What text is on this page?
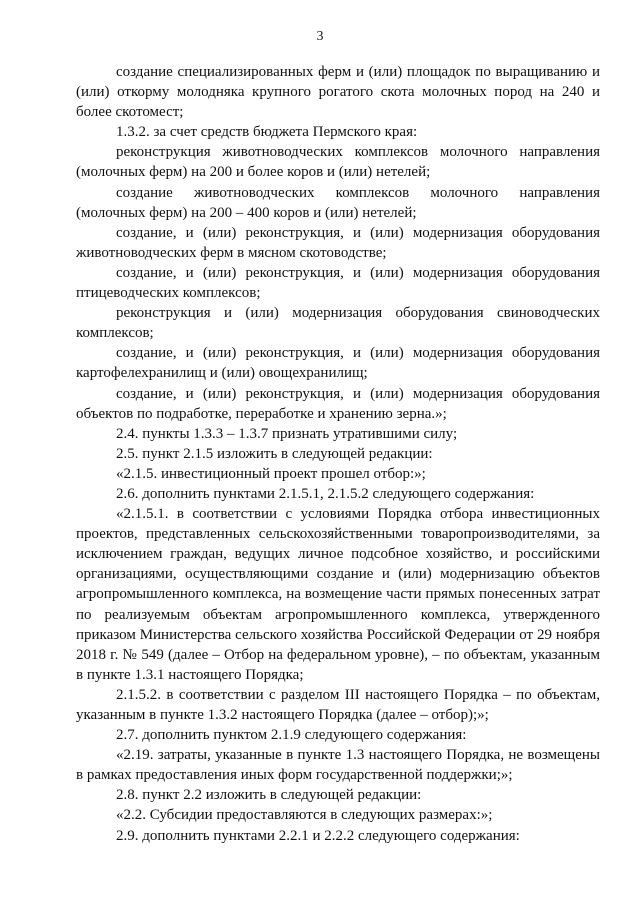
3

создание специализированных ферм и (или) площадок по выращиванию и (или) откорму молодняка крупного рогатого скота молочных пород на 240 и более скотомест;

1.3.2. за счет средств бюджета Пермского края:

реконструкция животноводческих комплексов молочного направления (молочных ферм) на 200 и более коров и (или) нетелей;

создание животноводческих комплексов молочного направления (молочных ферм) на 200 – 400 коров и (или) нетелей;

создание, и (или) реконструкция, и (или) модернизация оборудования животноводческих ферм в мясном скотоводстве;

создание, и (или) реконструкция, и (или) модернизация оборудования птицеводческих комплексов;

реконструкция и (или) модернизация оборудования свиноводческих комплексов;

создание, и (или) реконструкция, и (или) модернизация оборудования картофелехранилищ и (или) овощехранилищ;

создание, и (или) реконструкция, и (или) модернизация оборудования объектов по подработке, переработке и хранению зерна.»;

2.4. пункты 1.3.3 – 1.3.7 признать утратившими силу;

2.5. пункт 2.1.5 изложить в следующей редакции:

«2.1.5. инвестиционный проект прошел отбор:»;

2.6. дополнить пунктами 2.1.5.1, 2.1.5.2 следующего содержания:

«2.1.5.1. в соответствии с условиями Порядка отбора инвестиционных проектов, представленных сельскохозяйственными товаропроизводителями, за исключением граждан, ведущих личное подсобное хозяйство, и российскими организациями, осуществляющими создание и (или) модернизацию объектов агропромышленного комплекса, на возмещение части прямых понесенных затрат по реализуемым объектам агропромышленного комплекса, утвержденного приказом Министерства сельского хозяйства Российской Федерации от 29 ноября 2018 г. № 549 (далее – Отбор на федеральном уровне), – по объектам, указанным в пункте 1.3.1 настоящего Порядка;

2.1.5.2. в соответствии с разделом III настоящего Порядка – по объектам, указанным в пункте 1.3.2 настоящего Порядка (далее – отбор);»;

2.7. дополнить пунктом 2.1.9 следующего содержания:

«2.19. затраты, указанные в пункте 1.3 настоящего Порядка, не возмещены в рамках предоставления иных форм государственной поддержки;»;

2.8. пункт 2.2 изложить в следующей редакции:

«2.2. Субсидии предоставляются в следующих размерах:»;

2.9. дополнить пунктами 2.2.1 и 2.2.2 следующего содержания:
